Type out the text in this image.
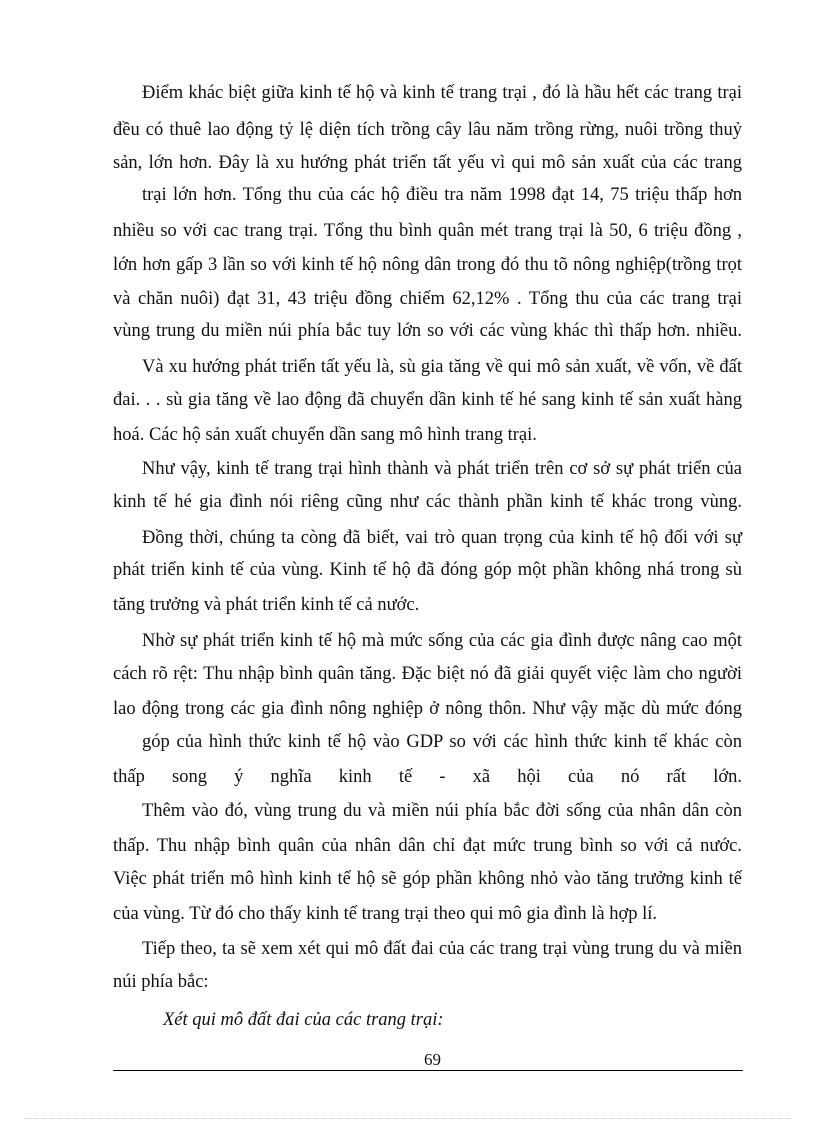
Điểm khác biệt giữa kinh tế hộ và kinh tế trang trại , đó là hầu hết các trang trại
đều có thuê lao động tỷ lệ diện tích trồng cây lâu năm trồng rừng, nuôi trồng thuỷ
sản, lớn hơn. Đây là xu hướng phát triển tất yếu vì qui mô sản xuất của các trang
trại lớn hơn. Tổng thu của các hộ điều tra năm 1998 đạt 14, 75 triệu thấp hơn
nhiều so với cac trang trại. Tổng thu bình quân mét trang trại là 50, 6 triệu đồng ,
lớn hơn gấp 3 lần so với kinh tế hộ nông dân trong đó thu tõ nông nghiệp(trồng trọt
và chăn nuôi) đạt 31, 43 triệu đồng chiếm 62,12% . Tổng thu của các trang trại
vùng trung du miền núi phía bắc tuy lớn so với các vùng khác thì thấp hơn. nhiều.
Và xu hướng phát triển tất yếu là, sù gia tăng về qui mô sản xuất, về vốn, về đất
đai. . . sù gia tăng về lao động đã chuyển dần kinh tế hé sang kinh tế sản xuất hàng
hoá. Các hộ sản xuất chuyển dần sang mô hình trang trại.
Như vậy, kinh tế trang trại hình thành và phát triển trên cơ sở sự phát triển của
kinh tế hé gia đình nói riêng cũng như các thành phần kinh tế khác trong vùng.
Đồng thời, chúng ta còng đã biết, vai trò quan trọng của kinh tế hộ đối với sự
phát triển kinh tế của vùng. Kinh tế hộ đã đóng góp một phần không nhá trong sù
tăng trưởng và phát triển kinh tế cả nước.
Nhờ sự phát triển kinh tế hộ mà mức sống của các gia đình được nâng cao một
cách rõ rệt: Thu nhập bình quân tăng. Đặc biệt nó đã giải quyết việc làm cho người
lao động trong các gia đình nông nghiệp ở nông thôn. Như vậy mặc dù mức đóng
góp của hình thức kinh tế hộ vào GDP so với các hình thức kinh tế khác còn
thấp song ý nghĩa kinh tế - xã hội của nó rất lớn.
Thêm vào đó, vùng trung du và miền núi phía bắc đời sống của nhân dân còn
thấp. Thu nhập bình quân của nhân dân chỉ đạt mức trung bình so với cả nước.
Việc phát triển mô hình kinh tế hộ sẽ góp phần không nhỏ vào tăng trưởng kinh tế
của vùng. Từ đó cho thấy kinh tế trang trại theo qui mô gia đình là hợp lí.
Tiếp theo, ta sẽ xem xét qui mô đất đai của các trang trại vùng trung du và miền
núi phía bắc:
Xét qui mô đất đai của các trang trại:
69
